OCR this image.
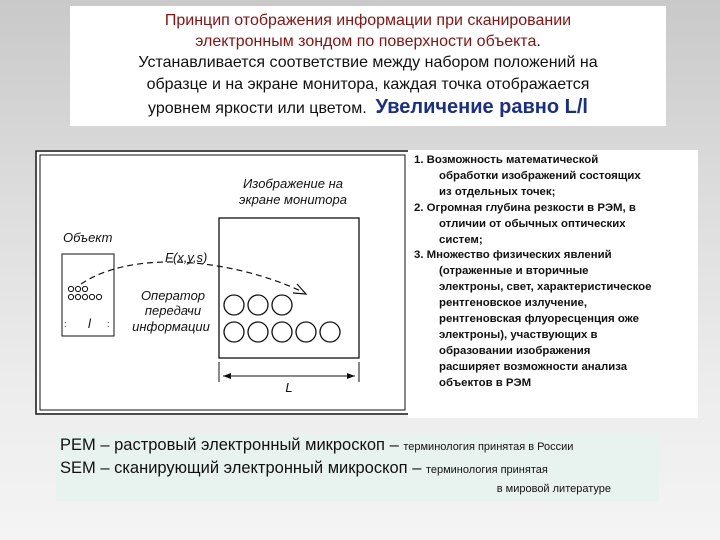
Принцип отображения информации при сканировании

электронным зондом по поверхности объекта.

Устанавливается соответствие между набором положений на

образце и на экране монитора, каждая точка отображается

уровнем яркости или цветом. Увеличение равно L/l

Изображение на
экране монитора
Объект
: l :
F(x,y,s)
Оператор
передачи
информации
L

1. Возможность математической

обработки изображений состоящих

из отдельных точек;

2. Огромная глубина резкости в РЭМ, в

отличии от обычных оптических

систем;

3. Множество физических явлений

(отраженные и вторичные

электроны, свет, характеристическое

рентгеновское излучение,

рентгеновская флуоресценция оже

электроны), участвующих в

образовании изображения

расширяет возможности анализа

объектов в РЭМ

РЕМ – растровый электронный микроскоп – терминология принятая в России

SEM – сканирующий электронный микроскоп – терминология принятая

в мировой литературе
